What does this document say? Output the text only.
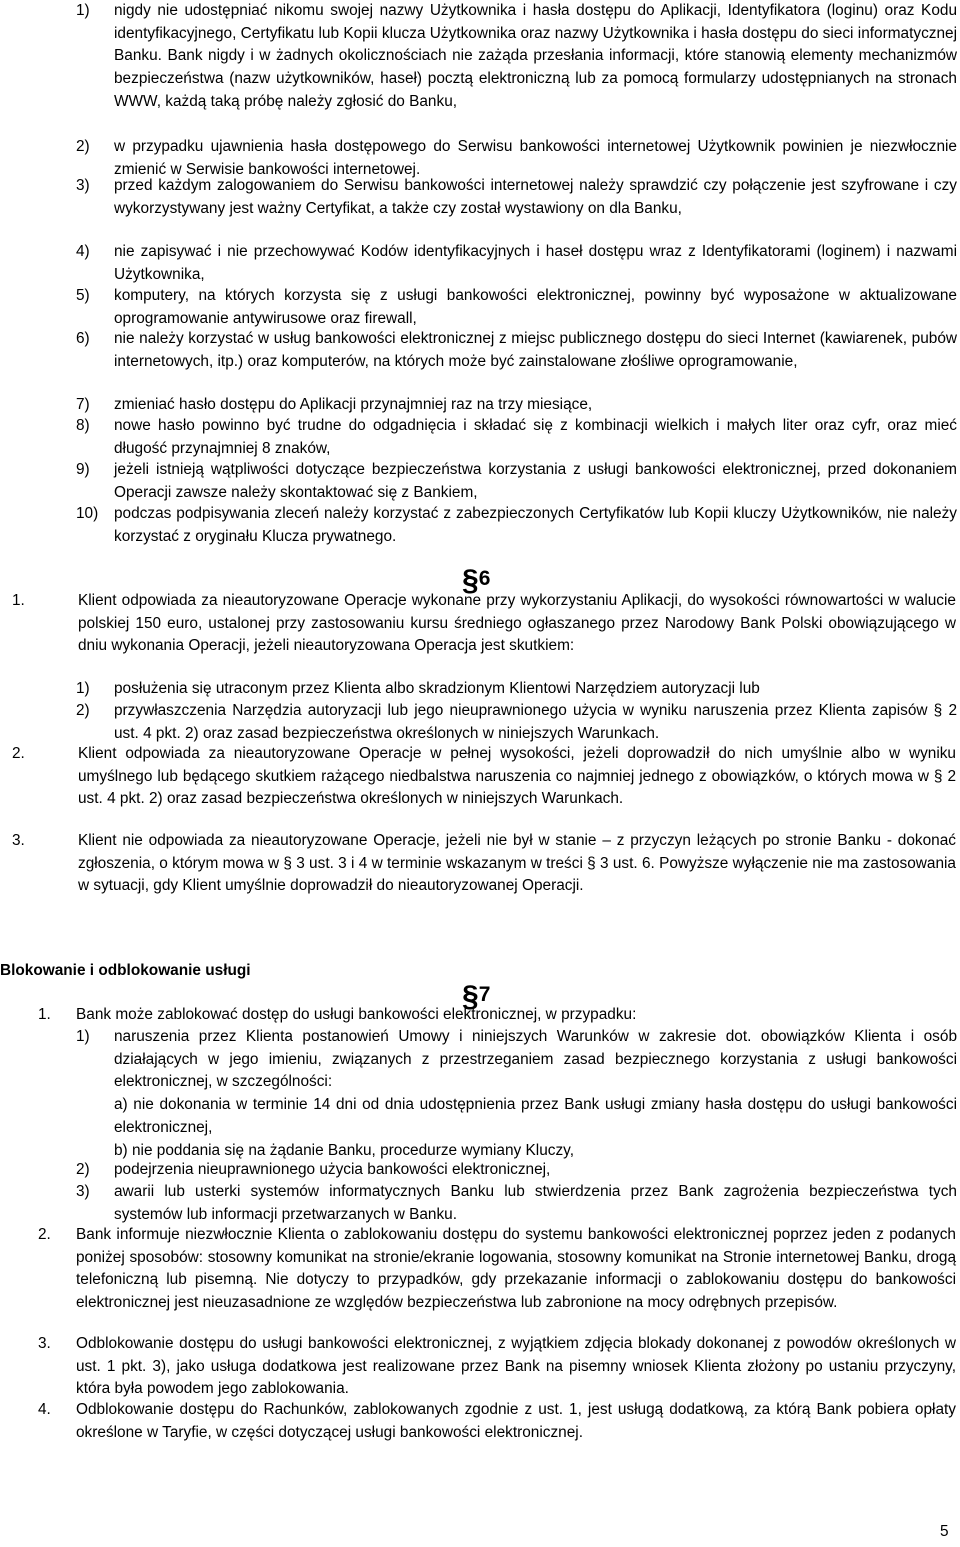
1) nigdy nie udostępniać nikomu swojej nazwy Użytkownika i hasła dostępu do Aplikacji, Identyfikatora (loginu) oraz Kodu identyfikacyjnego, Certyfikatu lub Kopii klucza Użytkownika oraz nazwy Użytkownika i hasła dostępu do sieci informatycznej Banku. Bank nigdy i w żadnych okolicznościach nie zażąda przesłania informacji, które stanowią elementy mechanizmów bezpieczeństwa (nazw użytkowników, haseł) pocztą elektroniczną lub za pomocą formularzy udostępnianych na stronach WWW, każdą taką próbę należy zgłosić do Banku,
2) w przypadku ujawnienia hasła dostępowego do Serwisu bankowości internetowej Użytkownik powinien je niezwłocznie zmienić w Serwisie bankowości internetowej.
3) przed każdym zalogowaniem do Serwisu bankowości internetowej należy sprawdzić czy połączenie jest szyfrowane i czy wykorzystywany jest ważny Certyfikat, a także czy został wystawiony on dla Banku,
4) nie zapisywać i nie przechowywać Kodów identyfikacyjnych i haseł dostępu wraz z Identyfikatorami (loginem) i nazwami Użytkownika,
5) komputery, na których korzysta się z usługi bankowości elektronicznej, powinny być wyposażone w aktualizowane oprogramowanie antywirusowe oraz firewall,
6) nie należy korzystać w usług bankowości elektronicznej z miejsc publicznego dostępu do sieci Internet (kawiarenek, pubów internetowych, itp.) oraz komputerów, na których może być zainstalowane złośliwe oprogramowanie,
7) zmieniać hasło dostępu do Aplikacji przynajmniej raz na trzy miesiące,
8) nowe hasło powinno być trudne do odgadnięcia i składać się z kombinacji wielkich i małych liter oraz cyfr, oraz mieć długość przynajmniej 8 znaków,
9) jeżeli istnieją wątpliwości dotyczące bezpieczeństwa korzystania z usługi bankowości elektronicznej, przed dokonaniem Operacji zawsze należy skontaktować się z Bankiem,
10) podczas podpisywania zleceń należy korzystać z zabezpieczonych Certyfikatów lub Kopii kluczy Użytkowników, nie należy korzystać z oryginału Klucza prywatnego.
§6
1.	Klient odpowiada za nieautoryzowane Operacje wykonane przy wykorzystaniu Aplikacji, do wysokości równowartości w walucie polskiej 150 euro, ustalonej przy zastosowaniu kursu średniego ogłaszanego przez Narodowy Bank Polski obowiązującego w dniu wykonania Operacji, jeżeli nieautoryzowana Operacja jest skutkiem:
1) posłużenia się utraconym przez Klienta albo skradzionym Klientowi Narzędziem autoryzacji lub
2) przywłaszczenia Narzędzia autoryzacji lub jego nieuprawnionego użycia w wyniku naruszenia przez Klienta zapisów § 2 ust. 4 pkt. 2) oraz zasad bezpieczeństwa określonych w niniejszych Warunkach.
2.	Klient odpowiada za nieautoryzowane Operacje w pełnej wysokości, jeżeli doprowadził do nich umyślnie albo w wyniku umyślnego lub będącego skutkiem rażącego niedbalstwa naruszenia co najmniej jednego z obowiązków, o których mowa w § 2 ust. 4 pkt. 2) oraz zasad bezpieczeństwa określonych w niniejszych Warunkach.
3.	Klient nie odpowiada za nieautoryzowane Operacje, jeżeli nie był w stanie – z przyczyn leżących po stronie Banku - dokonać zgłoszenia, o którym mowa w § 3 ust. 3 i 4 w terminie wskazanym w treści § 3 ust. 6. Powyższe wyłączenie nie ma zastosowania w sytuacji, gdy Klient umyślnie doprowadził do nieautoryzowanej Operacji.
Blokowanie i odblokowanie usługi
§7
1. Bank może zablokować dostęp do usługi bankowości elektronicznej, w przypadku:
1) naruszenia przez Klienta postanowień Umowy i niniejszych Warunków w zakresie dot. obowiązków Klienta i osób działających w jego imieniu, związanych z przestrzeganiem zasad bezpiecznego korzystania z usługi bankowości elektronicznej, w szczególności:
a) nie dokonania w terminie 14 dni od dnia udostępnienia przez Bank usługi zmiany hasła dostępu do usługi bankowości elektronicznej,
b) nie poddania się na żądanie Banku, procedurze wymiany Kluczy,
2) podejrzenia nieuprawnionego użycia bankowości elektronicznej,
3) awarii lub usterki systemów informatycznych Banku lub stwierdzenia przez Bank zagrożenia bezpieczeństwa tych systemów lub informacji przetwarzanych w Banku.
2. Bank informuje niezwłocznie Klienta o zablokowaniu dostępu do systemu bankowości elektronicznej poprzez jeden z podanych poniżej sposobów: stosowny komunikat na stronie/ekranie logowania, stosowny komunikat na Stronie internetowej Banku, drogą telefoniczną lub pisemną. Nie dotyczy to przypadków, gdy przekazanie informacji o zablokowaniu dostępu do bankowości elektronicznej jest nieuzasadnione ze względów bezpieczeństwa lub zabronione na mocy odrębnych przepisów.
3. Odblokowanie dostępu do usługi bankowości elektronicznej, z wyjątkiem zdjęcia blokady dokonanej z powodów określonych w ust. 1 pkt. 3), jako usługa dodatkowa jest realizowane przez Bank na pisemny wniosek Klienta złożony po ustaniu przyczyny, która była powodem jego zablokowania.
4. Odblokowanie dostępu do Rachunków, zablokowanych zgodnie z ust. 1, jest usługą dodatkową, za którą Bank pobiera opłaty określone w Taryfie, w części dotyczącej usługi bankowości elektronicznej.
5
